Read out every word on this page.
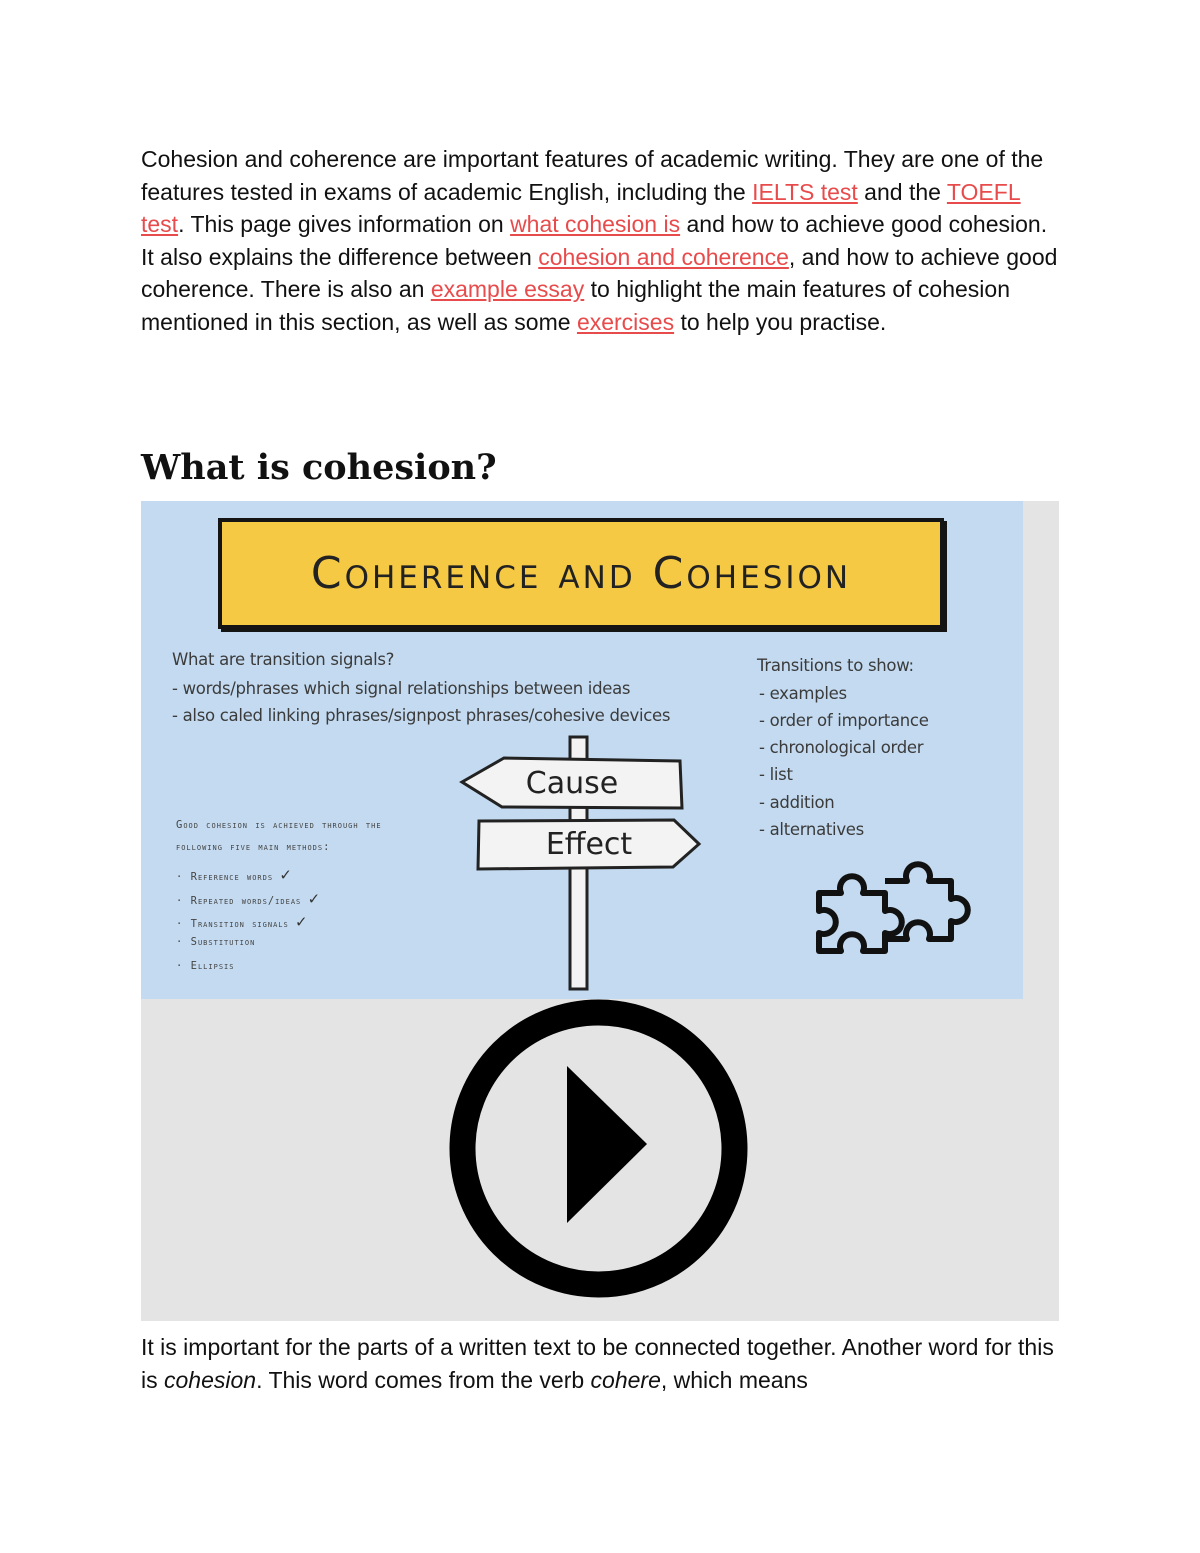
Cohesion and coherence are important features of academic writing. They are one of the features tested in exams of academic English, including the IELTS test and the TOEFL test. This page gives information on what cohesion is and how to achieve good cohesion. It also explains the difference between cohesion and coherence, and how to achieve good coherence. There is also an example essay to highlight the main features of cohesion mentioned in this section, as well as some exercises to help you practise.

What is cohesion?
Coherence and Cohesion
What are transition signals?
- words/phrases which signal relationships between ideas
- also caled linking phrases/signpost phrases/cohesive devices
Cause
Effect
Good cohesion is achieved through the
following five main methods:
· Reference words ✓
· Repeated words/ideas ✓
· Transition signals ✓
· Substitution
· Ellipsis
Transitions to show:
- examples
- order of importance
- chronological order
- list
- addition
- alternatives

It is important for the parts of a written text to be connected together. Another word for this is cohesion. This word comes from the verb cohere, which means
